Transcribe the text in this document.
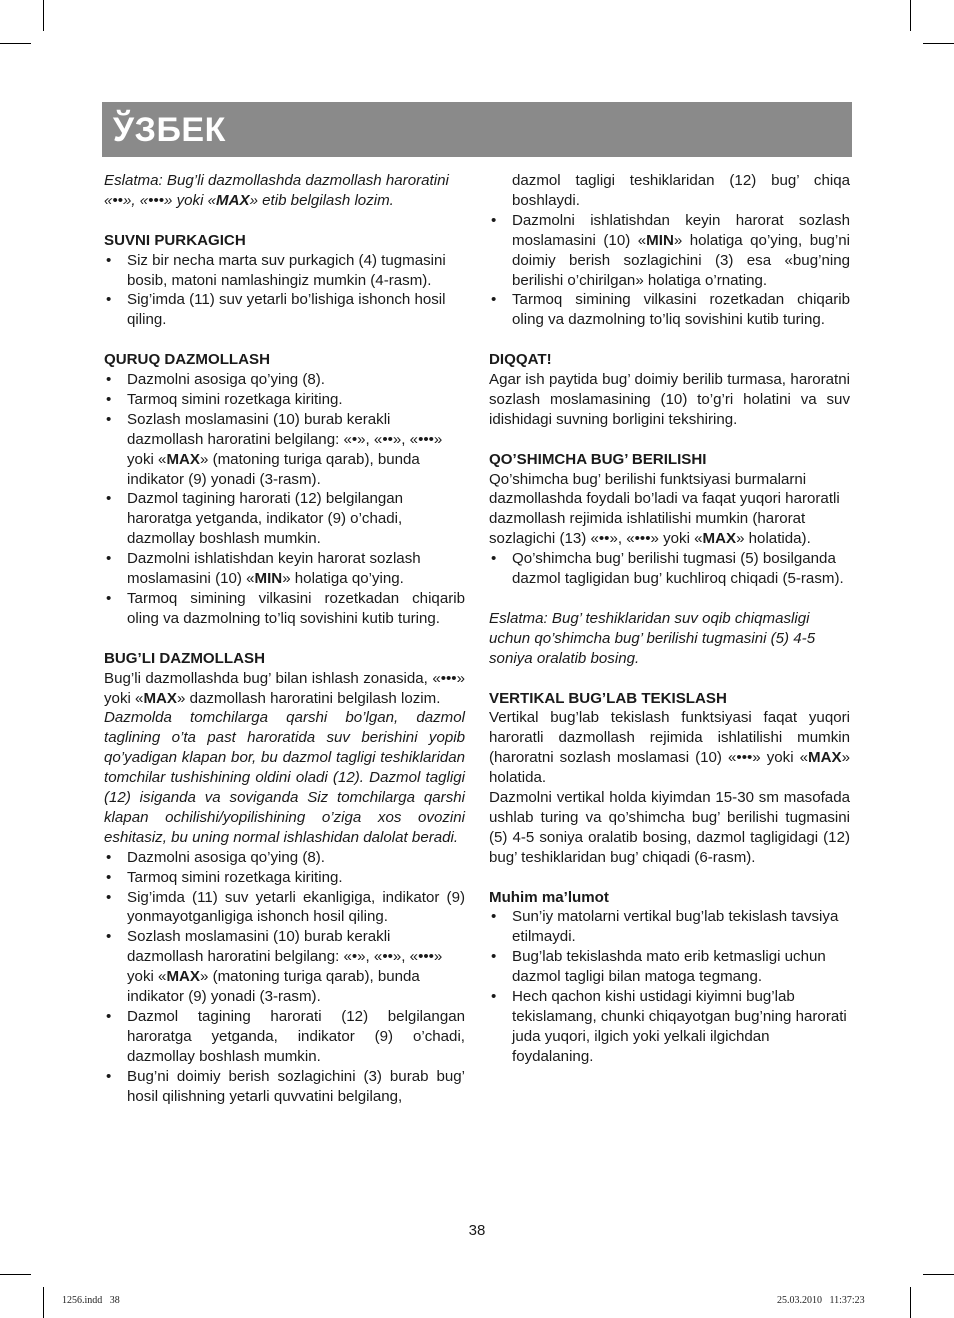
ЎЗБЕК

Eslatma: Bug’li dazmollashda dazmollash haroratini «••», «•••» yoki «MAX» etib belgilash lozim.

SUVNI PURKAGICH

• Siz bir necha marta suv purkagich (4) tugmasini bosib, matoni namlashingiz mumkin (4-rasm).
• Sig’imda (11) suv yetarli bo’lishiga ishonch hosil qiling.

QURUQ DAZMOLLASH

• Dazmolni asosiga qo’ying (8).
• Tarmoq simini rozetkaga kiriting.
• Sozlash moslamasini (10) burab kerakli dazmollash haroratini belgilang: «•», «••», «•••» yoki «MAX» (matoning turiga qarab), bunda indikator (9) yonadi (3-rasm).
• Dazmol tagining harorati (12) belgilangan haroratga yetganda, indikator (9) o’chadi, dazmollay boshlash mumkin.
• Dazmolni ishlatishdan keyin harorat sozlash moslamasini (10) «MIN» holatiga qo’ying.
• Tarmoq simining vilkasini rozetkadan chiqarib oling va dazmolning to’liq sovishini kutib turing.

BUG’LI DAZMOLLASH

Bug’li dazmollashda bug’ bilan ishlash zonasida, «•••» yoki «MAX» dazmollash haroratini belgilash lozim.

Dazmolda tomchilarga qarshi bo’lgan, dazmol taglining o’ta past haroratida suv berishini yopib qo’yadigan klapan bor, bu dazmol tagligi teshiklaridan tomchilar tushishining oldini oladi (12). Dazmol tagligi (12) isiganda va soviganda Siz tomchilarga qarshi klapan ochilishi/yopilishining o’ziga xos ovozini eshitasiz, bu uning normal ishlashidan dalolat beradi.

• Dazmolni asosiga qo’ying (8).
• Tarmoq simini rozetkaga kiriting.
• Sig’imda (11) suv yetarli ekanligiga, indikator (9) yonmayotganligiga ishonch hosil qiling.
• Sozlash moslamasini (10) burab kerakli dazmollash haroratini belgilang: «•», «••», «•••» yoki «MAX» (matoning turiga qarab), bunda indikator (9) yonadi (3-rasm).
• Dazmol tagining harorati (12) belgilangan haroratga yetganda, indikator (9) o’chadi, dazmollay boshlash mumkin.
• Bug’ni doimiy berish sozlagichini (3) burab bug’ hosil qilishning yetarli quvvatini belgilang,

dazmol tagligi teshiklaridan (12) bug’ chiqa boshlaydi.

• Dazmolni ishlatishdan keyin harorat sozlash moslamasini (10) «MIN» holatiga qo’ying, bug’ni doimiy berish sozlagichini (3) esa «bug’ning berilishi o’chirilgan» holatiga o’rnating.
• Tarmoq simining vilkasini rozetkadan chiqarib oling va dazmolning to’liq sovishini kutib turing.

DIQQAT!

Agar ish paytida bug’ doimiy berilib turmasa, haroratni sozlash moslamasining (10) to’g’ri holatini va suv idishidagi suvning borligini tekshiring.

QO’SHIMCHA BUG’ BERILISHI

Qo’shimcha bug’ berilishi funktsiyasi burmalarni dazmollashda foydali bo’ladi va faqat yuqori haroratli dazmollash rejimida ishlatilishi mumkin (harorat sozlagichi (13) «••», «•••» yoki «MAX» holatida).

• Qo’shimcha bug’ berilishi tugmasi (5) bosilganda dazmol tagligidan bug’ kuchliroq chiqadi (5-rasm).

Eslatma: Bug’ teshiklaridan suv oqib chiqmasligi uchun qo’shimcha bug’ berilishi tugmasini (5) 4-5 soniya oralatib bosing.

VERTIKAL BUG’LAB TEKISLASH

Vertikal bug’lab tekislash funktsiyasi faqat yuqori haroratli dazmollash rejimida ishlatilishi mumkin (haroratni sozlash moslamasi (10) «•••» yoki «MAX» holatida.

Dazmolni vertikal holda kiyimdan 15-30 sm masofada ushlab turing va qo’shimcha bug’ berilishi tugmasini (5) 4-5 soniya oralatib bosing, dazmol tagligidagi (12) bug’ teshiklaridan bug’ chiqadi (6-rasm).

Muhim ma’lumot

• Sun’iy matolarni vertikal bug’lab tekislash tavsiya etilmaydi.
• Bug’lab tekislashda mato erib ketmasligi uchun dazmol tagligi bilan matoga tegmang.
• Hech qachon kishi ustidagi kiyimni bug’lab tekislamang, chunki chiqayotgan bug’ning harorati juda yuqori, ilgich yoki yelkali ilgichdan foydalaning.
38
1256.indd   38	25.03.2010   11:37:23
